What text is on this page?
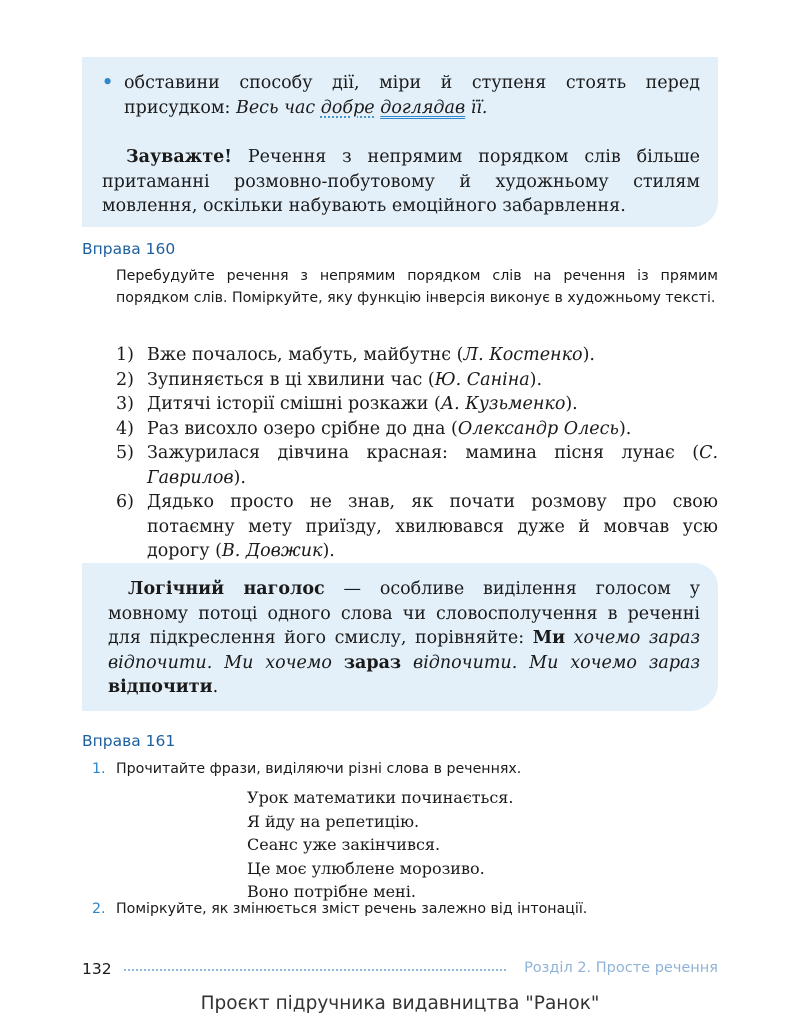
• обставини способу дії, міри й ступеня стоять перед присудком: Весь час добре доглядав її.
Зауважте! Речення з непрямим порядком слів більше притаманні розмовно-побутовому й художньому стилям мовлення, оскільки набувають емоційного забарвлення.
Вправа 160
Перебудуйте речення з непрямим порядком слів на речення із прямим порядком слів. Поміркуйте, яку функцію інверсія виконує в художньому тексті.
1) Вже почалось, мабуть, майбутнє (Л. Костенко).
2) Зупиняється в ці хвилини час (Ю. Саніна).
3) Дитячі історії смішні розкажи (А. Кузьменко).
4) Раз висохло озеро срібне до дна (Олександр Олесь).
5) Зажурилася дівчина красная: мамина пісня лунає (С. Гаврилов).
6) Дядько просто не знав, як почати розмову про свою потаємну мету приїзду, хвилювався дуже й мовчав усю дорогу (В. Довжик).
Логічний наголос — особливе виділення голосом у мовному потоці одного слова чи словосполучення в реченні для підкреслення його смислу, порівняйте: Ми хочемо зараз відпочити. Ми хочемо зараз відпочити. Ми хочемо зараз відпочити.
Вправа 161
1. Прочитайте фрази, виділяючи різні слова в реченнях.
Урок математики починається.
Я йду на репетицію.
Сеанс уже закінчився.
Це моє улюблене морозиво.
Воно потрібне мені.
2. Поміркуйте, як змінюється зміст речень залежно від інтонації.
132	Розділ 2. Просте речення
Проєкт підручника видавництва "Ранок"
